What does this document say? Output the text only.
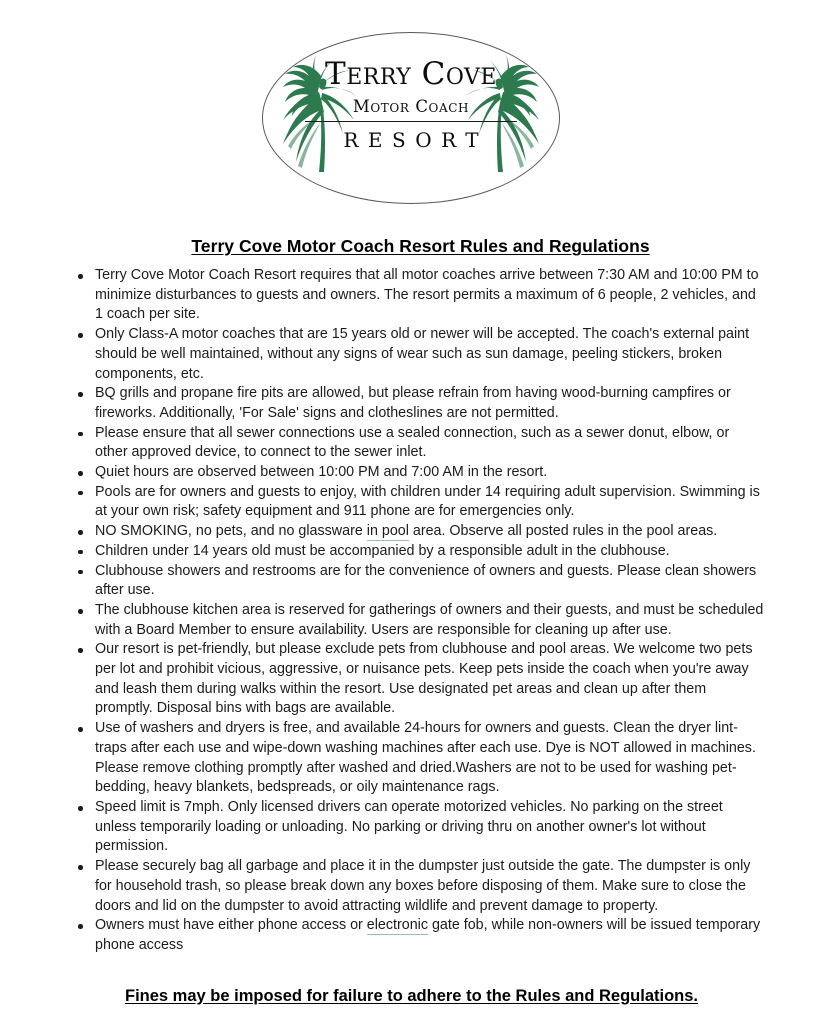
Terry Cove
Motor Coach
RESORT
Terry Cove Motor Coach Resort Rules and Regulations
Terry Cove Motor Coach Resort requires that all motor coaches arrive between 7:30 AM and 10:00 PM to minimize disturbances to guests and owners. The resort permits a maximum of 6 people, 2 vehicles, and 1 coach per site.
Only Class-A motor coaches that are 15 years old or newer will be accepted. The coach's external paint should be well maintained, without any signs of wear such as sun damage, peeling stickers, broken components, etc.
BQ grills and propane fire pits are allowed, but please refrain from having wood-burning campfires or fireworks. Additionally, 'For Sale' signs and clotheslines are not permitted.
Please ensure that all sewer connections use a sealed connection, such as a sewer donut, elbow, or other approved device, to connect to the sewer inlet.
Quiet hours are observed between 10:00 PM and 7:00 AM in the resort.
Pools are for owners and guests to enjoy, with children under 14 requiring adult supervision. Swimming is at your own risk; safety equipment and 911 phone are for emergencies only.
NO SMOKING, no pets, and no glassware in pool area. Observe all posted rules in the pool areas.
Children under 14 years old must be accompanied by a responsible adult in the clubhouse.
Clubhouse showers and restrooms are for the convenience of owners and guests. Please clean showers after use.
The clubhouse kitchen area is reserved for gatherings of owners and their guests, and must be scheduled with a Board Member to ensure availability. Users are responsible for cleaning up after use.
Our resort is pet-friendly, but please exclude pets from clubhouse and pool areas. We welcome two pets per lot and prohibit vicious, aggressive, or nuisance pets. Keep pets inside the coach when you're away and leash them during walks within the resort. Use designated pet areas and clean up after them promptly. Disposal bins with bags are available.
Use of washers and dryers is free, and available 24-hours for owners and guests. Clean the dryer lint-traps after each use and wipe-down washing machines after each use. Dye is NOT allowed in machines. Please remove clothing promptly after washed and dried.Washers are not to be used for washing pet-bedding, heavy blankets, bedspreads, or oily maintenance rags.
Speed limit is 7mph. Only licensed drivers can operate motorized vehicles. No parking on the street unless temporarily loading or unloading. No parking or driving thru on another owner's lot without permission.
Please securely bag all garbage and place it in the dumpster just outside the gate. The dumpster is only for household trash, so please break down any boxes before disposing of them. Make sure to close the doors and lid on the dumpster to avoid attracting wildlife and prevent damage to property.
Owners must have either phone access or electronic gate fob, while non-owners will be issued temporary phone access
Fines may be imposed for failure to adhere to the Rules and Regulations.
